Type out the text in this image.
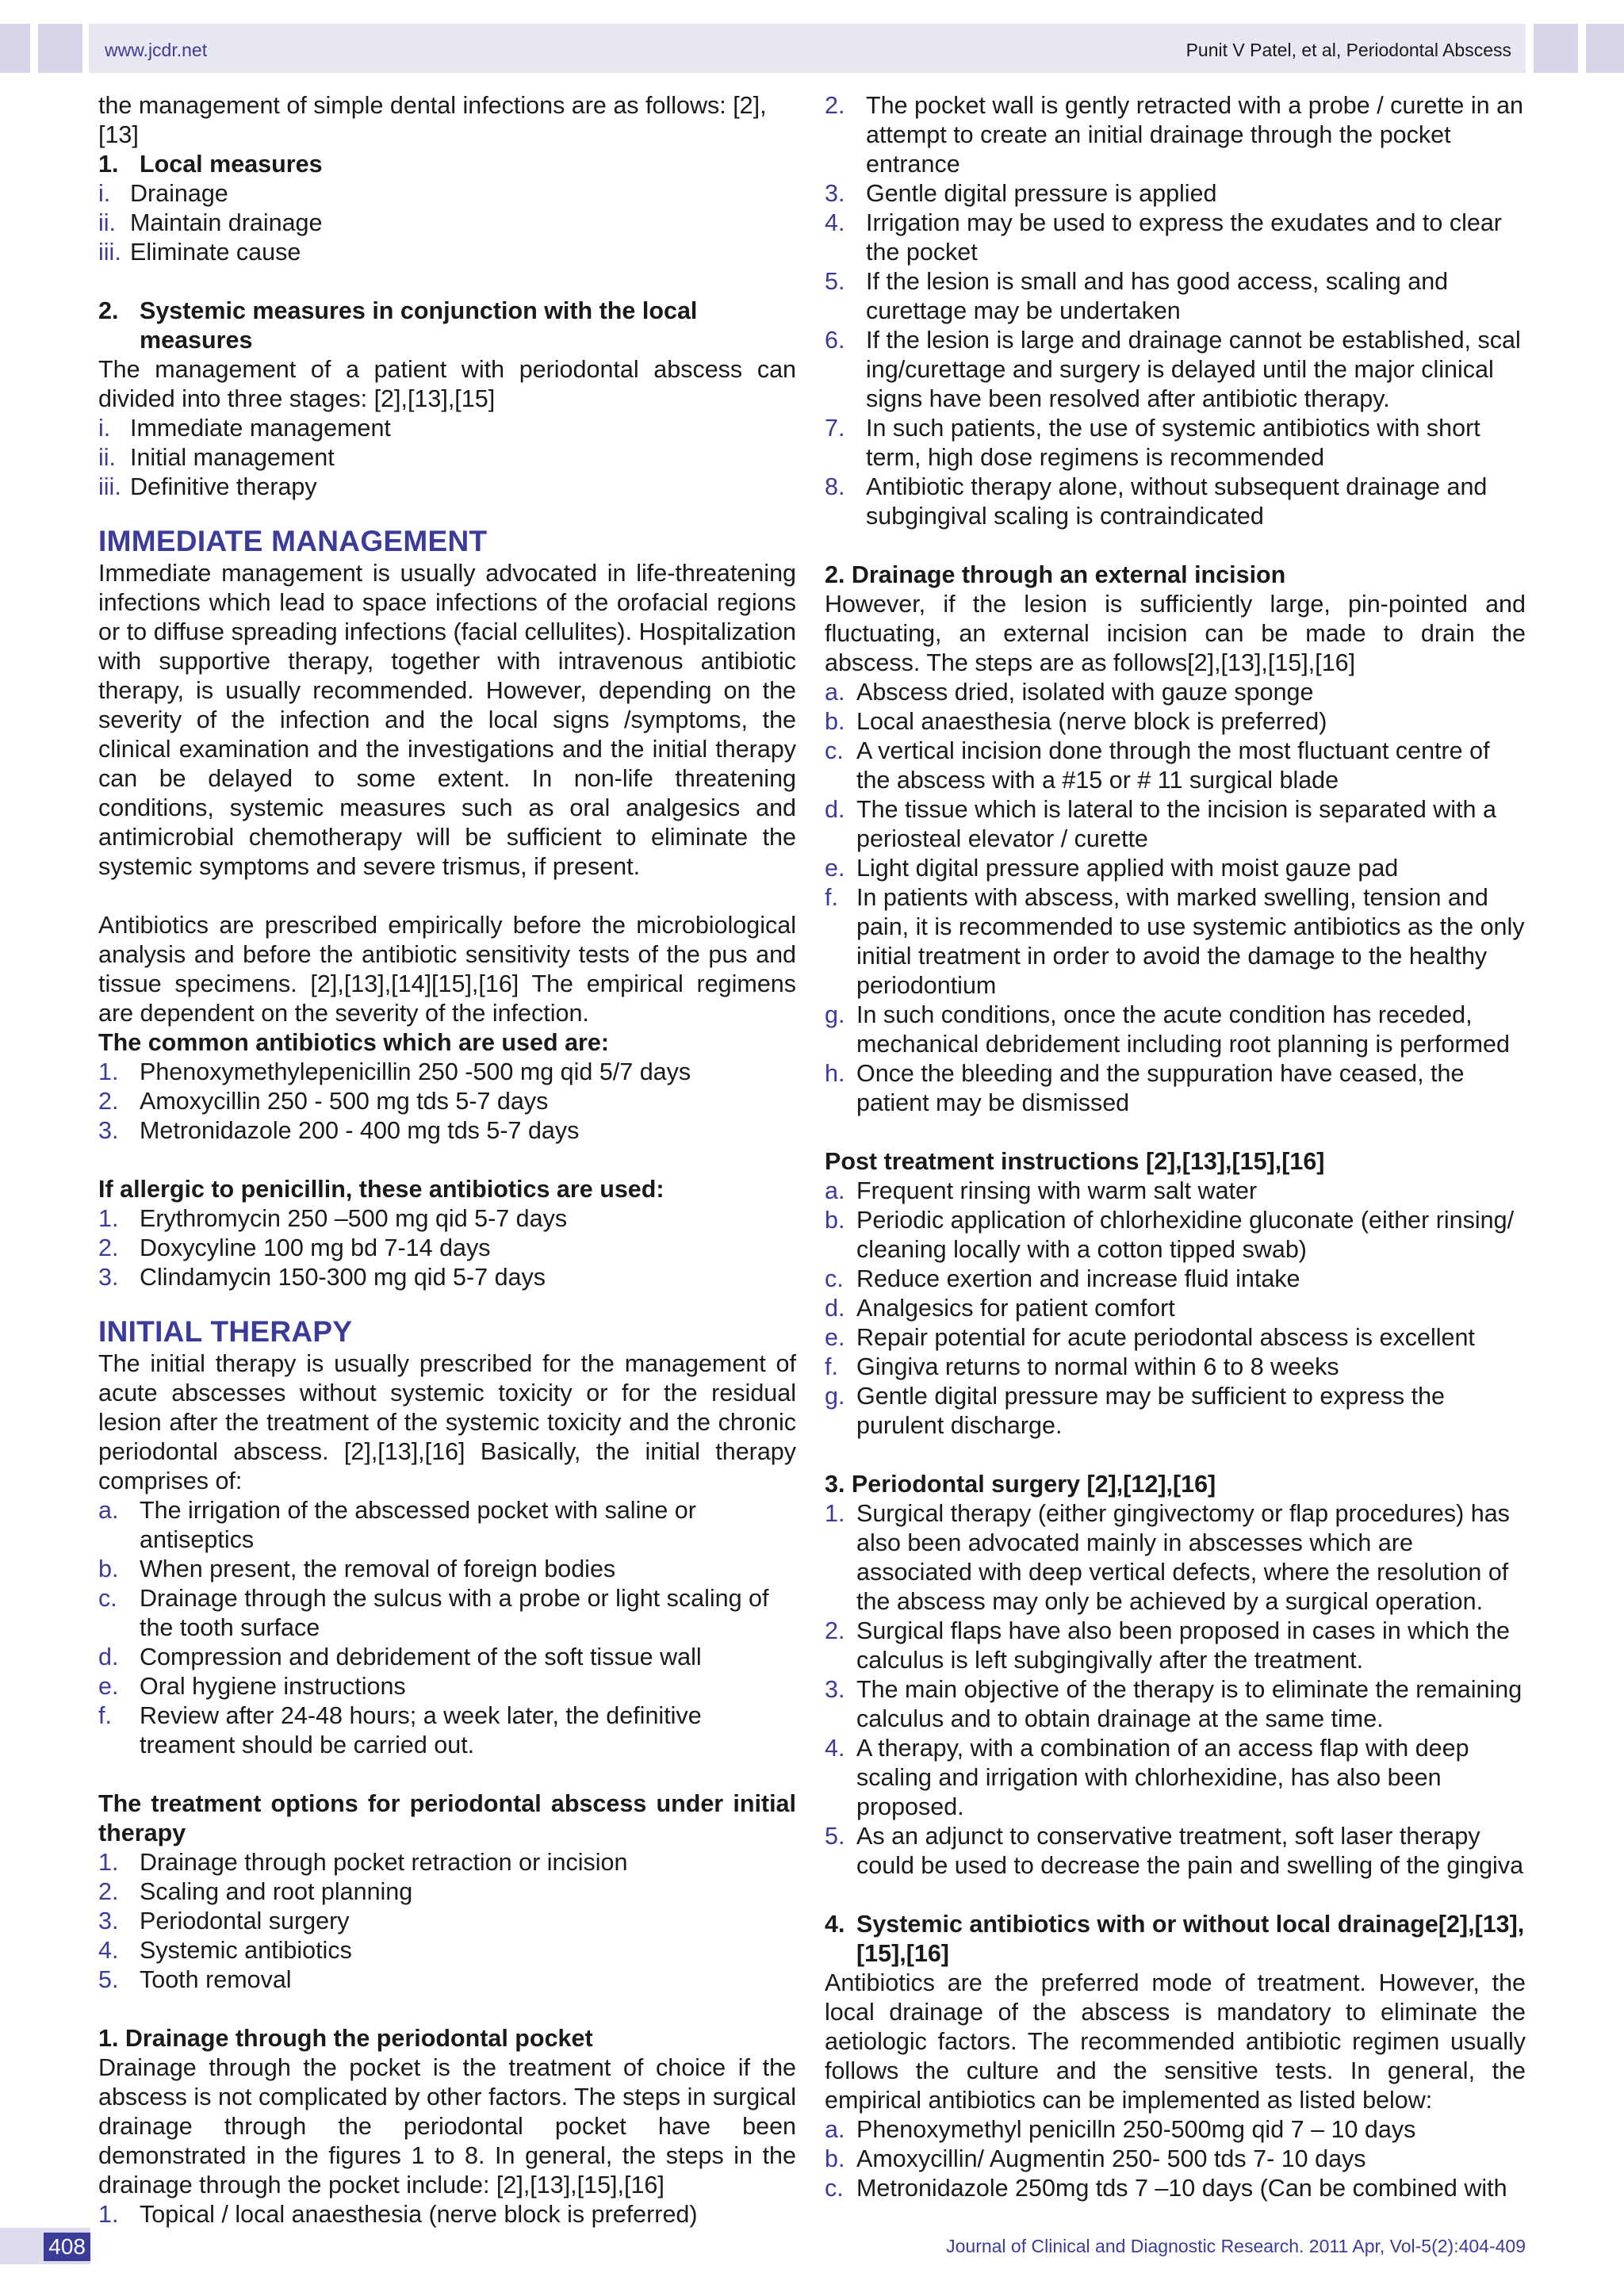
www.jcdr.net	Punit V Patel, et al, Periodontal Abscess

the management of simple dental infections are as follows: [2],[13]

1. Local measures
i. Drainage
ii. Maintain drainage
iii. Eliminate cause
2. Systemic measures in conjunction with the local measures

The management of a patient with periodontal abscess can divided into three stages: [2],[13],[15]

i. Immediate management
ii. Initial management
iii. Definitive therapy
IMMEDIATE MANAGEMENT

Immediate management is usually advocated in life-threatening infections which lead to space infections of the orofacial regions or to diffuse spreading infections (facial cellulites). Hospitalization with supportive therapy, together with intravenous antibiotic therapy, is usually recommended. However, depending on the severity of the infection and the local signs /symptoms, the clinical examination and the investigations and the initial therapy can be delayed to some extent. In non-life threatening conditions, systemic measures such as oral analgesics and antimicrobial chemotherapy will be sufficient to eliminate the systemic symptoms and severe trismus, if present.

Antibiotics are prescribed empirically before the microbiological analysis and before the antibiotic sensitivity tests of the pus and tissue specimens. [2],[13],[14][15],[16] The empirical regimens are dependent on the severity of the infection.

The common antibiotics which are used are:

1. Phenoxymethylepenicillin 250 -500 mg qid 5/7 days
2. Amoxycillin 250 - 500 mg tds 5-7 days
3. Metronidazole 200 - 400 mg tds 5-7 days

If allergic to penicillin, these antibiotics are used:

1. Erythromycin 250 –500 mg qid 5-7 days
2. Doxycyline 100 mg bd 7-14 days
3. Clindamycin 150-300 mg qid 5-7 days
INITIAL THERAPY

The initial therapy is usually prescribed for the management of acute abscesses without systemic toxicity or for the residual lesion after the treatment of the systemic toxicity and the chronic periodontal abscess. [2],[13],[16] Basically, the initial therapy comprises of:

a. The irrigation of the abscessed pocket with saline or antiseptics
b. When present, the removal of foreign bodies
c. Drainage through the sulcus with a probe or light scaling of the tooth surface
d. Compression and debridement of the soft tissue wall
e. Oral hygiene instructions
f. Review after 24-48 hours; a week later, the definitive treament should be carried out.

The treatment options for periodontal abscess under initial therapy

1. Drainage through pocket retraction or incision
2. Scaling and root planning
3. Periodontal surgery
4. Systemic antibiotics
5. Tooth removal

1. Drainage through the periodontal pocket

Drainage through the pocket is the treatment of choice if the abscess is not complicated by other factors. The steps in surgical drainage through the periodontal pocket have been demonstrated in the figures 1 to 8. In general, the steps in the drainage through the pocket include: [2],[13],[15],[16]

1. Topical / local anaesthesia (nerve block is preferred)
2. The pocket wall is gently retracted with a probe / curette in an attempt to create an initial drainage through the pocket entrance
3. Gentle digital pressure is applied
4. Irrigation may be used to express the exudates and to clear the pocket
5. If the lesion is small and has good access, scaling and curettage may be undertaken
6. If the lesion is large and drainage cannot be established, scal ing/curettage and surgery is delayed until the major clinical signs have been resolved after antibiotic therapy.
7. In such patients, the use of systemic antibiotics with short term, high dose regimens is recommended
8. Antibiotic therapy alone, without subsequent drainage and subgingival scaling is contraindicated

2. Drainage through an external incision

However, if the lesion is sufficiently large, pin-pointed and fluctuating, an external incision can be made to drain the abscess. The steps are as follows[2],[13],[15],[16]

a. Abscess dried, isolated with gauze sponge
b. Local anaesthesia (nerve block is preferred)
c. A vertical incision done through the most fluctuant centre of the abscess with a #15 or # 11 surgical blade
d. The tissue which is lateral to the incision is separated with a periosteal elevator / curette
e. Light digital pressure applied with moist gauze pad
f. In patients with abscess, with marked swelling, tension and pain, it is recommended to use systemic antibiotics as the only initial treatment in order to avoid the damage to the healthy periodontium
g. In such conditions, once the acute condition has receded, mechanical debridement including root planning is performed
h. Once the bleeding and the suppuration have ceased, the patient may be dismissed

Post treatment instructions [2],[13],[15],[16]

a. Frequent rinsing with warm salt water
b. Periodic application of chlorhexidine gluconate (either rinsing/ cleaning locally with a cotton tipped swab)
c. Reduce exertion and increase fluid intake
d. Analgesics for patient comfort
e. Repair potential for acute periodontal abscess is excellent
f. Gingiva returns to normal within 6 to 8 weeks
g. Gentle digital pressure may be sufficient to express the purulent discharge.

3. Periodontal surgery [2],[12],[16]

1. Surgical therapy (either gingivectomy or flap procedures) has also been advocated mainly in abscesses which are associated with deep vertical defects, where the resolution of the abscess may only be achieved by a surgical operation.
2. Surgical flaps have also been proposed in cases in which the calculus is left subgingivally after the treatment.
3. The main objective of the therapy is to eliminate the remaining calculus and to obtain drainage at the same time.
4. A therapy, with a combination of an access flap with deep scaling and irrigation with chlorhexidine, has also been proposed.
5. As an adjunct to conservative treatment, soft laser therapy could be used to decrease the pain and swelling of the gingiva
4. Systemic antibiotics with or without local drainage[2],[13],[15],[16]

Antibiotics are the preferred mode of treatment. However, the local drainage of the abscess is mandatory to eliminate the aetiologic factors. The recommended antibiotic regimen usually follows the culture and the sensitive tests. In general, the empirical antibiotics can be implemented as listed below:

a. Phenoxymethyl penicilln 250-500mg qid 7 – 10 days
b. Amoxycillin/ Augmentin 250- 500 tds 7- 10 days
c. Metronidazole 250mg tds 7 –10 days (Can be combined with
408	Journal of Clinical and Diagnostic Research. 2011 Apr, Vol-5(2):404-409
